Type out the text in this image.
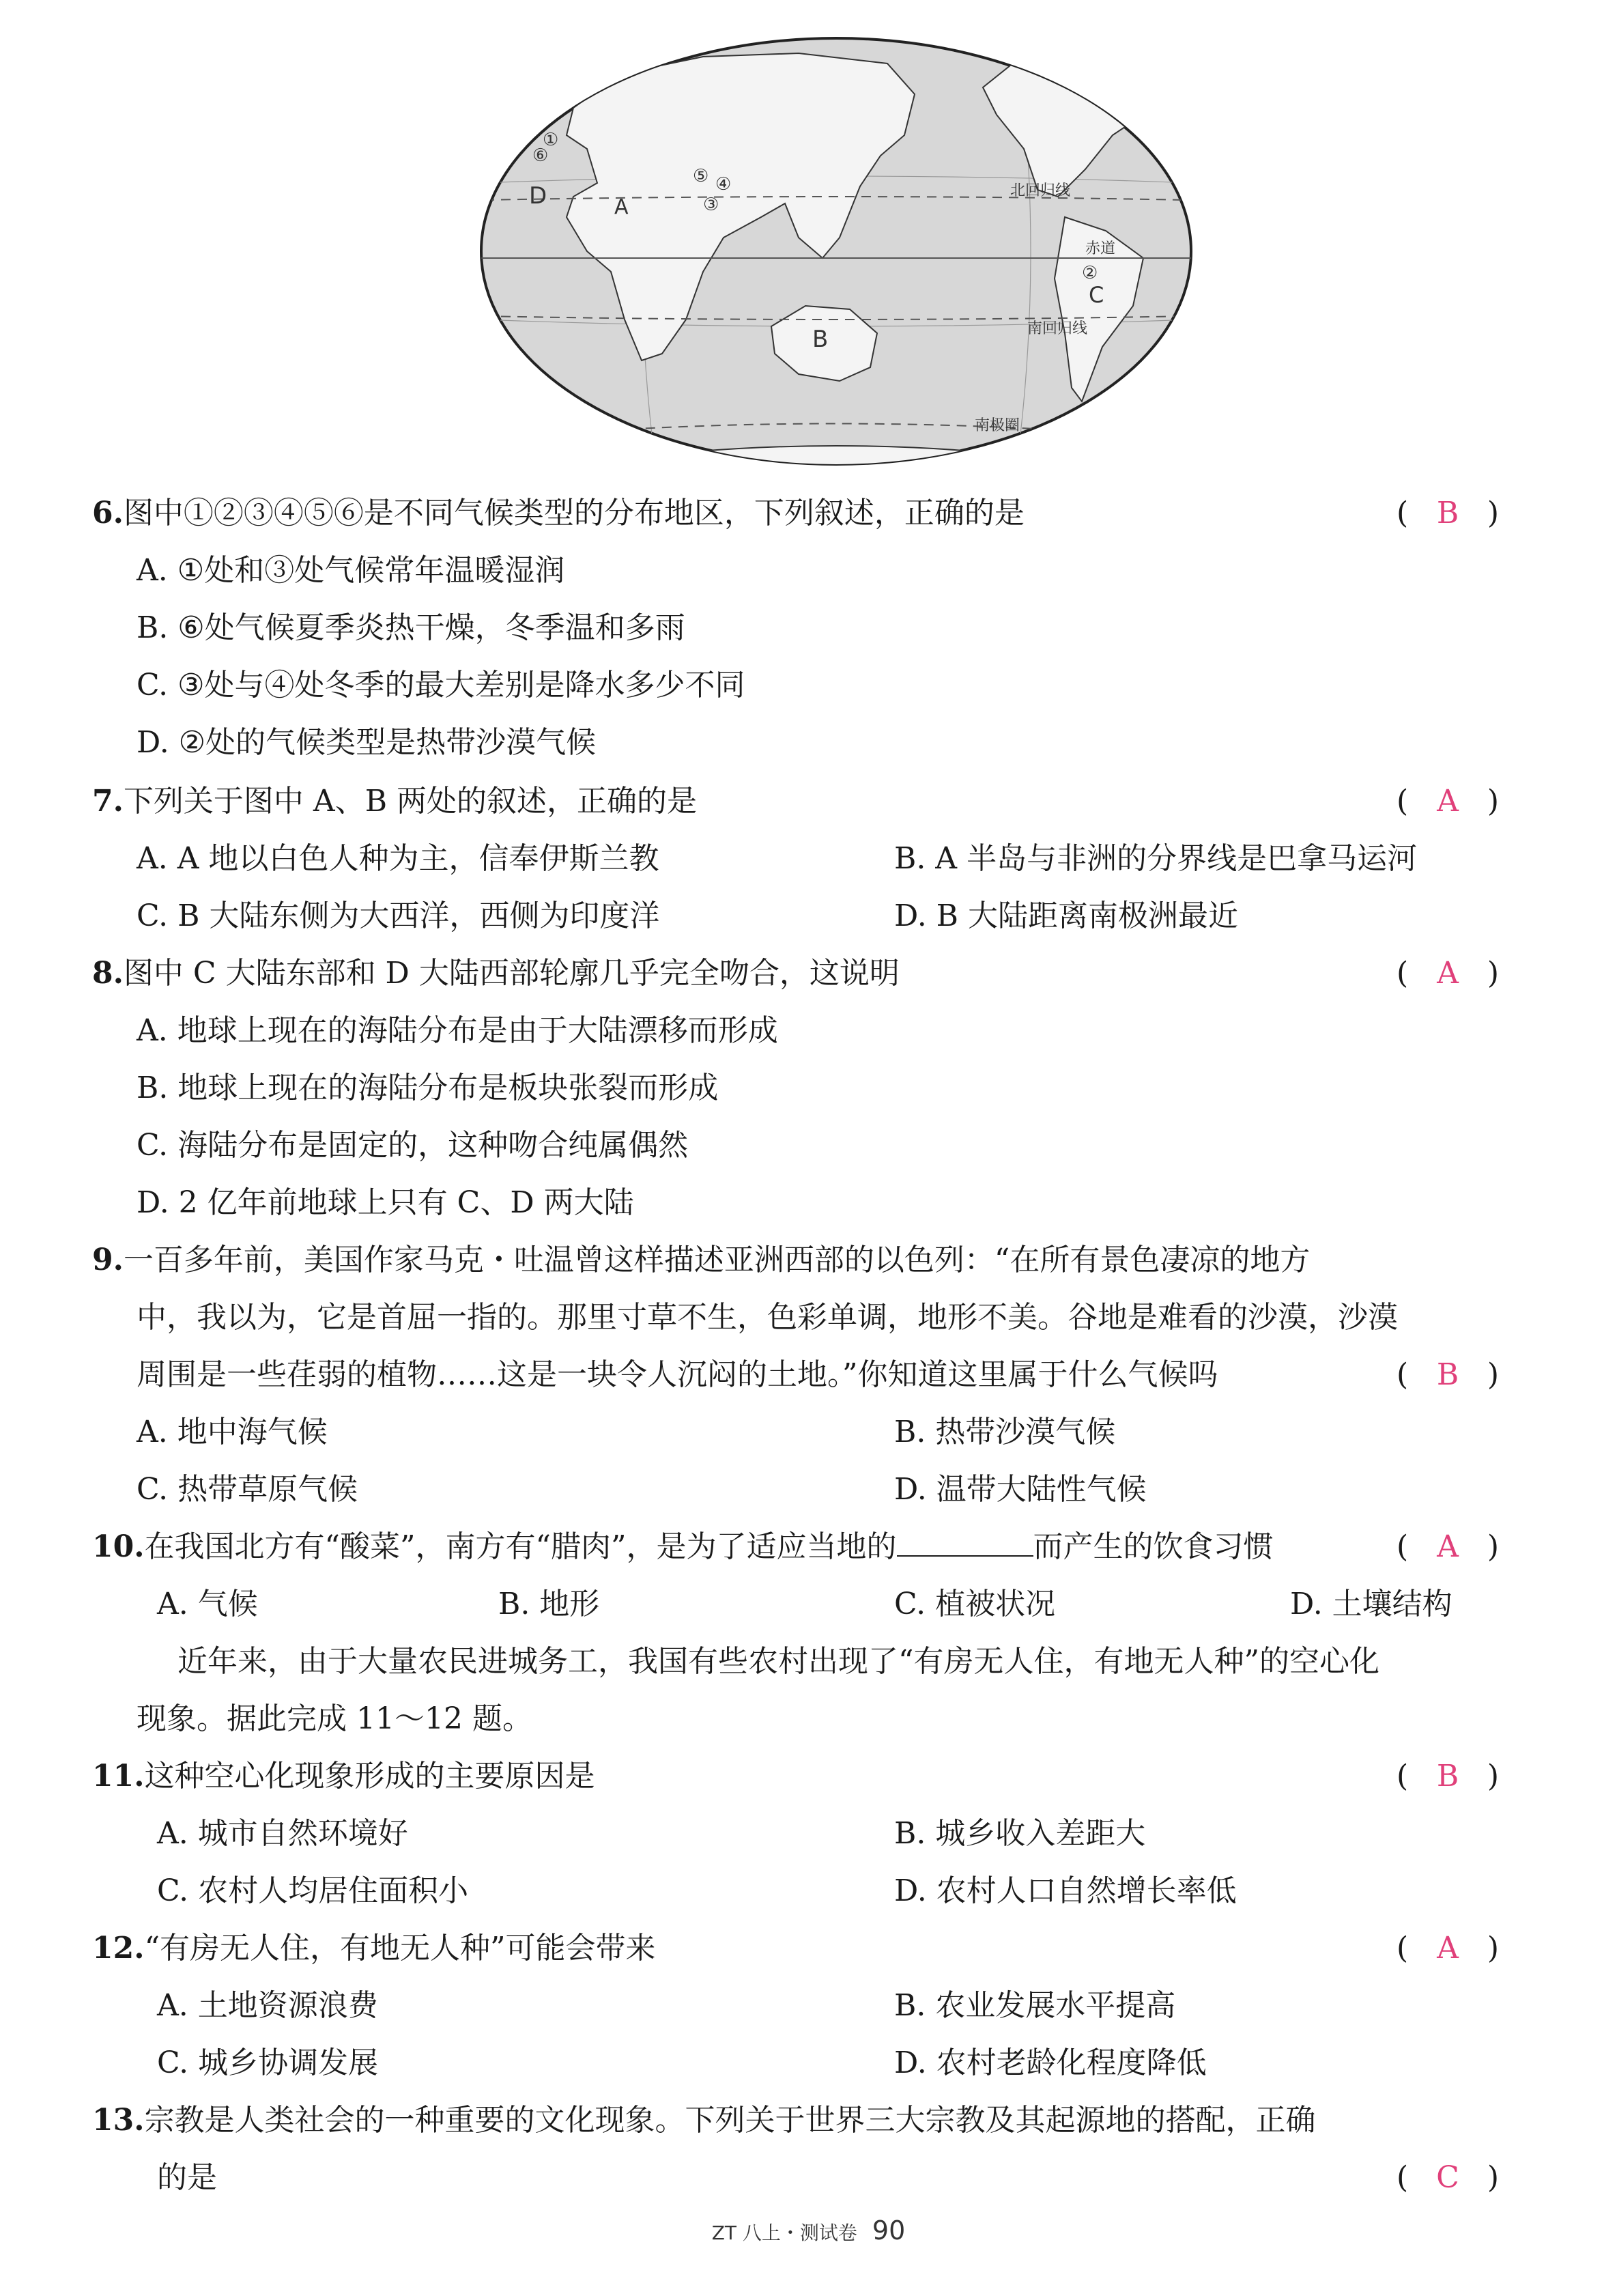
D	A
B
C
①
②
③
④
⑤
⑥
北回归线
赤道
南回归线
南极圈
6.图中①②③④⑤⑥是不同气候类型的分布地区，下列叙述，正确的是	( B )
A. ①处和③处气候常年温暖湿润
B. ⑥处气候夏季炎热干燥，冬季温和多雨
C. ③处与④处冬季的最大差别是降水多少不同
D. ②处的气候类型是热带沙漠气候
7.下列关于图中 A、B 两处的叙述，正确的是	( A )
A. A 地以白色人种为主，信奉伊斯兰教	B. A 半岛与非洲的分界线是巴拿马运河
C. B 大陆东侧为大西洋，西侧为印度洋	D. B 大陆距离南极洲最近
8.图中 C 大陆东部和 D 大陆西部轮廓几乎完全吻合，这说明	( A )
A. 地球上现在的海陆分布是由于大陆漂移而形成
B. 地球上现在的海陆分布是板块张裂而形成
C. 海陆分布是固定的，这种吻合纯属偶然
D. 2 亿年前地球上只有 C、D 两大陆
9.一百多年前，美国作家马克・吐温曾这样描述亚洲西部的以色列：“在所有景色凄凉的地方
中，我以为，它是首屈一指的。那里寸草不生，色彩单调，地形不美。谷地是难看的沙漠，沙漠
周围是一些荏弱的植物……这是一块令人沉闷的土地。”你知道这里属于什么气候吗	( B )
A. 地中海气候	B. 热带沙漠气候
C. 热带草原气候	D. 温带大陆性气候
10.在我国北方有“酸菜”，南方有“腊肉”，是为了适应当地的	而产生的饮食习惯	( A )
A. 气候	B. 地形	C. 植被状况	D. 土壤结构
近年来，由于大量农民进城务工，我国有些农村出现了“有房无人住，有地无人种”的空心化
现象。据此完成 11～12 题。
11.这种空心化现象形成的主要原因是	( B )
A. 城市自然环境好	B. 城乡收入差距大
C. 农村人均居住面积小	D. 农村人口自然增长率低
12.“有房无人住，有地无人种”可能会带来	( A )
A. 土地资源浪费	B. 农业发展水平提高
C. 城乡协调发展	D. 农村老龄化程度降低
13.宗教是人类社会的一种重要的文化现象。下列关于世界三大宗教及其起源地的搭配，正确
的是	( C )
ZT 八上・测试卷 90
